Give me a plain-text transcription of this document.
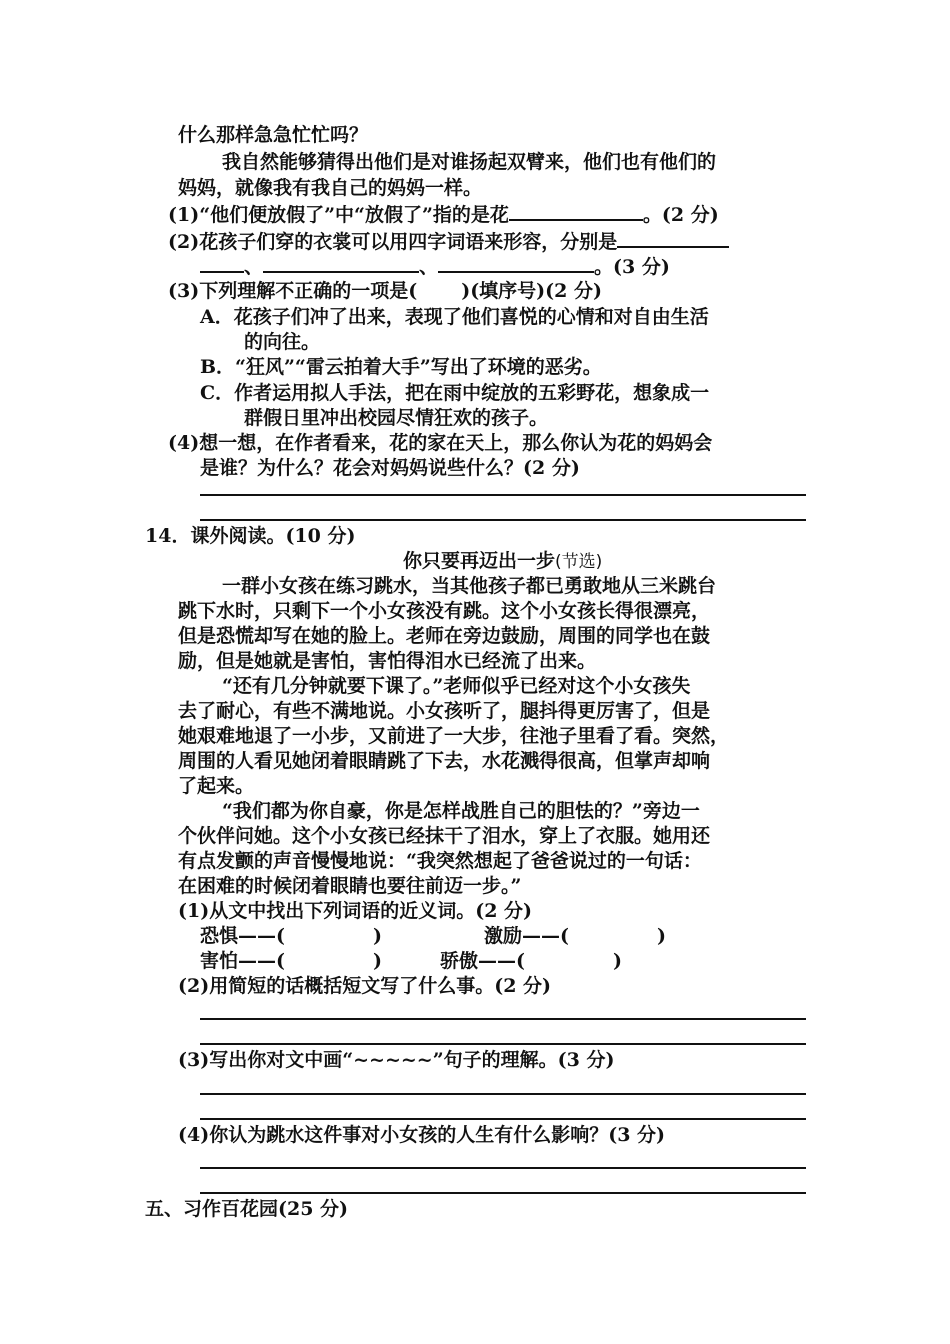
什么那样急急忙忙吗？
我自然能够猜得出他们是对谁扬起双臂来，他们也有他们的
妈妈，就像我有我自己的妈妈一样。
(1)“他们便放假了”中“放假了”指的是花	。(2 分)
(2)花孩子们穿的衣裳可以用四字词语来形容，分别是
、	、	。(3 分)
(3)下列理解不正确的一项是( )(填序号)(2 分)
A．花孩子们冲了出来，表现了他们喜悦的心情和对自由生活
的向往。
B．“狂风”“雷云拍着大手”写出了环境的恶劣。
C．作者运用拟人手法，把在雨中绽放的五彩野花，想象成一
群假日里冲出校园尽情狂欢的孩子。
(4)想一想，在作者看来，花的家在天上，那么你认为花的妈妈会
是谁？为什么？花会对妈妈说些什么？(2 分)
14．课外阅读。(10 分)
你只要再迈出一步(节选)
一群小女孩在练习跳水，当其他孩子都已勇敢地从三米跳台
跳下水时，只剩下一个小女孩没有跳。这个小女孩长得很漂亮，
但是恐慌却写在她的脸上。老师在旁边鼓励，周围的同学也在鼓
励，但是她就是害怕，害怕得泪水已经流了出来。
“还有几分钟就要下课了。”老师似乎已经对这个小女孩失
去了耐心，有些不满地说。小女孩听了，腿抖得更厉害了，但是
她艰难地退了一小步，又前进了一大步，往池子里看了看。突然，
周围的人看见她闭着眼睛跳了下去，水花溅得很高，但掌声却响
了起来。
“我们都为你自豪，你是怎样战胜自己的胆怯的？”旁边一
个伙伴问她。这个小女孩已经抹干了泪水，穿上了衣服。她用还
有点发颤的声音慢慢地说：“我突然想起了爸爸说过的一句话：
在困难的时候闭着眼睛也要往前迈一步。”
(1)从文中找出下列词语的近义词。(2 分)
恐惧——(	)	激励——(	)
害怕——(	)	骄傲——(	)
(2)用简短的话概括短文写了什么事。(2 分)
(3)写出你对文中画“~~~~~”句子的理解。(3 分)
(4)你认为跳水这件事对小女孩的人生有什么影响？(3 分)
五、习作百花园(25 分)
